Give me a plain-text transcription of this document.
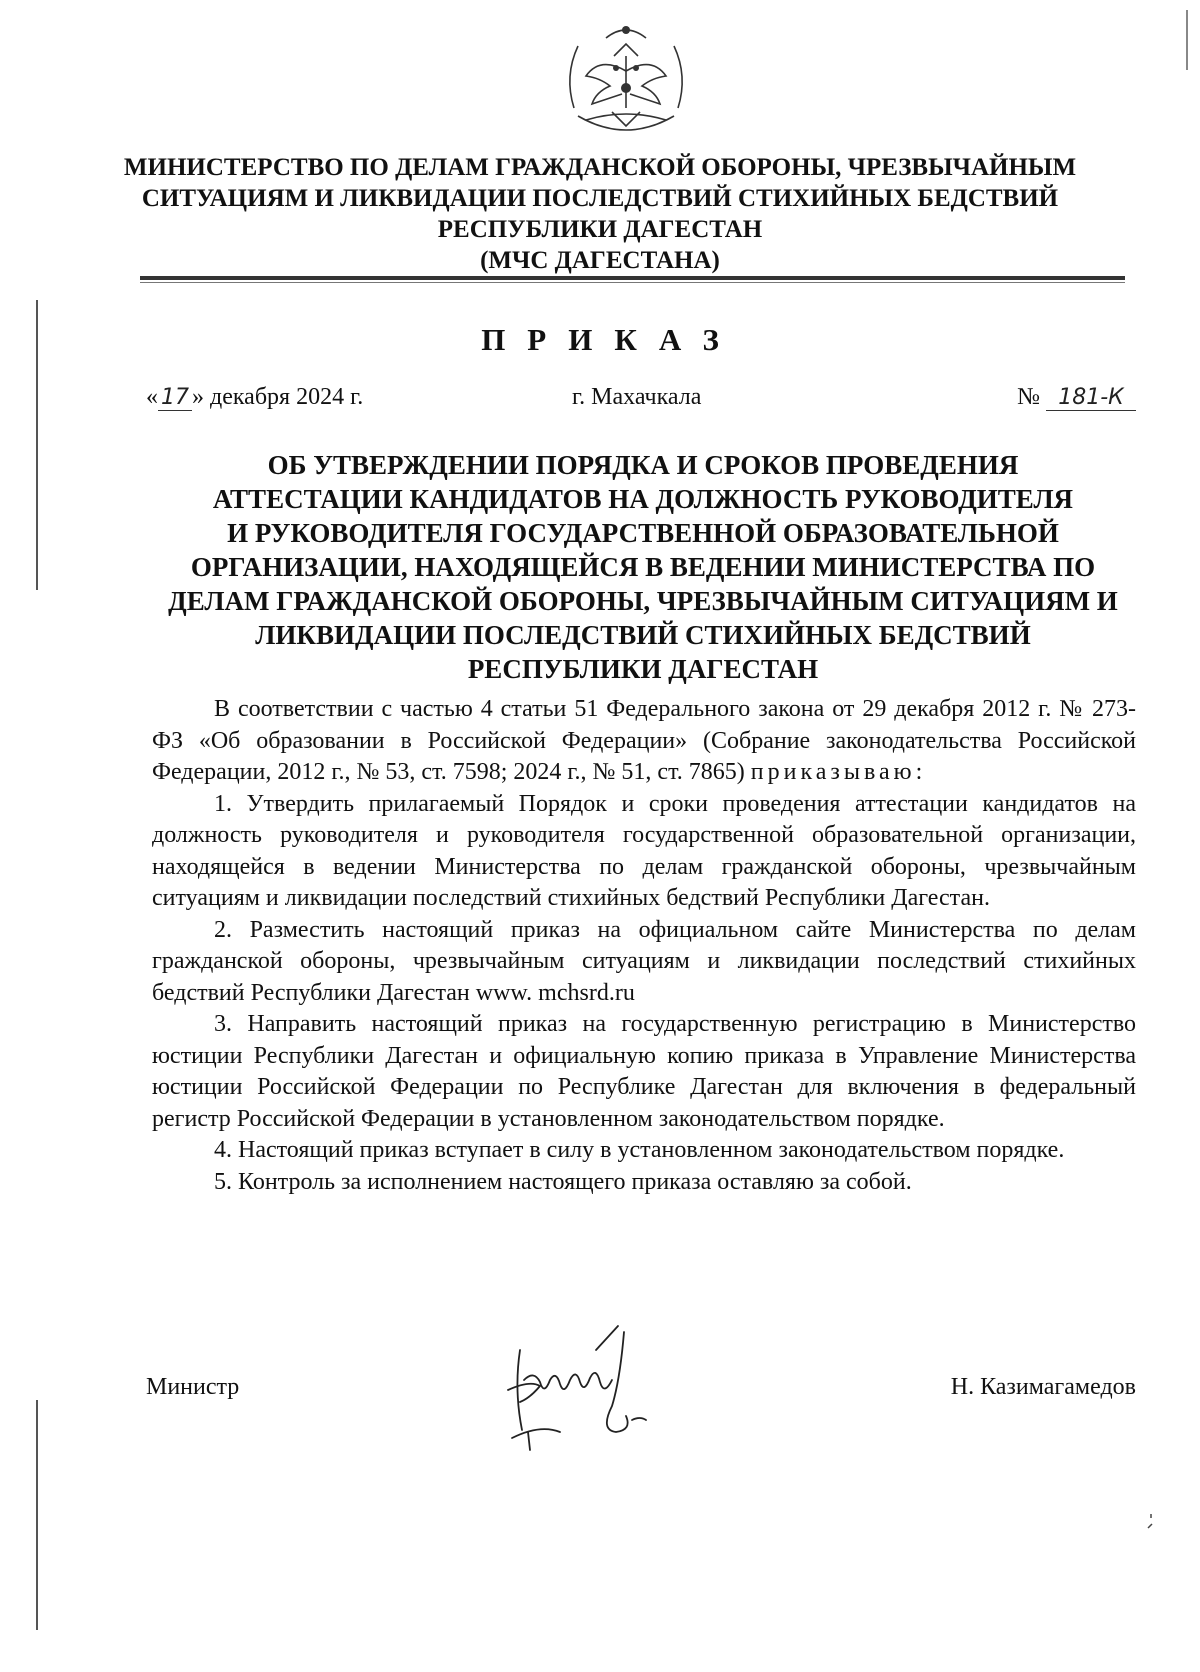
МИНИСТЕРСТВО ПО ДЕЛАМ ГРАЖДАНСКОЙ ОБОРОНЫ, ЧРЕЗВЫЧАЙНЫМ
СИТУАЦИЯМ И ЛИКВИДАЦИИ ПОСЛЕДСТВИЙ СТИХИЙНЫХ БЕДСТВИЙ
РЕСПУБЛИКИ ДАГЕСТАН
(МЧС ДАГЕСТАНА)
ПРИКАЗ
« 17 » декабря 2024 г.	г. Махачкала	№ 181-К
ОБ УТВЕРЖДЕНИИ ПОРЯДКА И СРОКОВ ПРОВЕДЕНИЯ
АТТЕСТАЦИИ КАНДИДАТОВ НА ДОЛЖНОСТЬ РУКОВОДИТЕЛЯ
И РУКОВОДИТЕЛЯ ГОСУДАРСТВЕННОЙ ОБРАЗОВАТЕЛЬНОЙ
ОРГАНИЗАЦИИ, НАХОДЯЩЕЙСЯ В ВЕДЕНИИ МИНИСТЕРСТВА ПО
ДЕЛАМ ГРАЖДАНСКОЙ ОБОРОНЫ, ЧРЕЗВЫЧАЙНЫМ СИТУАЦИЯМ И
ЛИКВИДАЦИИ ПОСЛЕДСТВИЙ СТИХИЙНЫХ БЕДСТВИЙ
РЕСПУБЛИКИ ДАГЕСТАН

В соответствии с частью 4 статьи 51 Федерального закона от 29 декабря 2012 г. № 273-ФЗ «Об образовании в Российской Федерации» (Собрание законодательства Российской Федерации, 2012 г., № 53, ст. 7598; 2024 г., № 51, ст. 7865) приказываю:

1. Утвердить прилагаемый Порядок и сроки проведения аттестации кандидатов на должность руководителя и руководителя государственной образовательной организации, находящейся в ведении Министерства по делам гражданской обороны, чрезвычайным ситуациям и ликвидации последствий стихийных бедствий Республики Дагестан.

2. Разместить настоящий приказ на официальном сайте Министерства по делам гражданской обороны, чрезвычайным ситуациям и ликвидации последствий стихийных бедствий Республики Дагестан www. mchsrd.ru

3. Направить настоящий приказ на государственную регистрацию в Министерство юстиции Республики Дагестан и официальную копию приказа в Управление Министерства юстиции Российской Федерации по Республике Дагестан для включения в федеральный регистр Российской Федерации в установленном законодательством порядке.

4. Настоящий приказ вступает в силу в установленном законодательством порядке.

5. Контроль за исполнением настоящего приказа оставляю за собой.

Министр	Н. Казимагамедов
